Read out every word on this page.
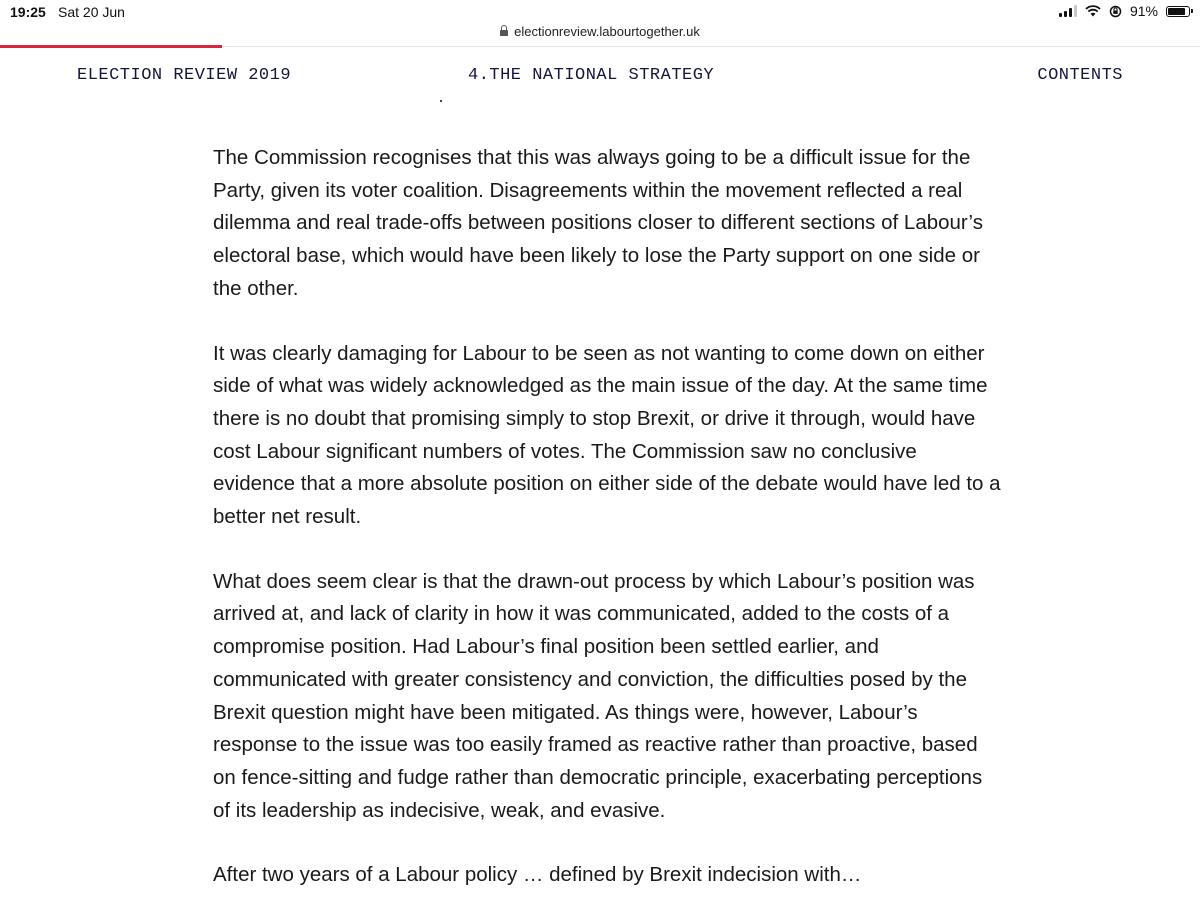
19:25 Sat 20 Jun	91%
electionreview.labourtogether.uk
ELECTION REVIEW 2019	4.THE NATIONAL STRATEGY	CONTENTS

The Commission recognises that this was always going to be a difficult issue for the Party, given its voter coalition. Disagreements within the movement reflected a real dilemma and real trade-offs between positions closer to different sections of Labour’s electoral base, which would have been likely to lose the Party support on one side or the other.

It was clearly damaging for Labour to be seen as not wanting to come down on either side of what was widely acknowledged as the main issue of the day. At the same time there is no doubt that promising simply to stop Brexit, or drive it through, would have cost Labour significant numbers of votes. The Commission saw no conclusive evidence that a more absolute position on either side of the debate would have led to a better net result.

What does seem clear is that the drawn-out process by which Labour’s position was arrived at, and lack of clarity in how it was communicated, added to the costs of a compromise position. Had Labour’s final position been settled earlier, and communicated with greater consistency and conviction, the difficulties posed by the Brexit question might have been mitigated. As things were, however, Labour’s response to the issue was too easily framed as reactive rather than proactive, based on fence-sitting and fudge rather than democratic principle, exacerbating perceptions of its leadership as indecisive, weak, and evasive.

After two years of a Labour policy … defined by Brexit indecision with…
